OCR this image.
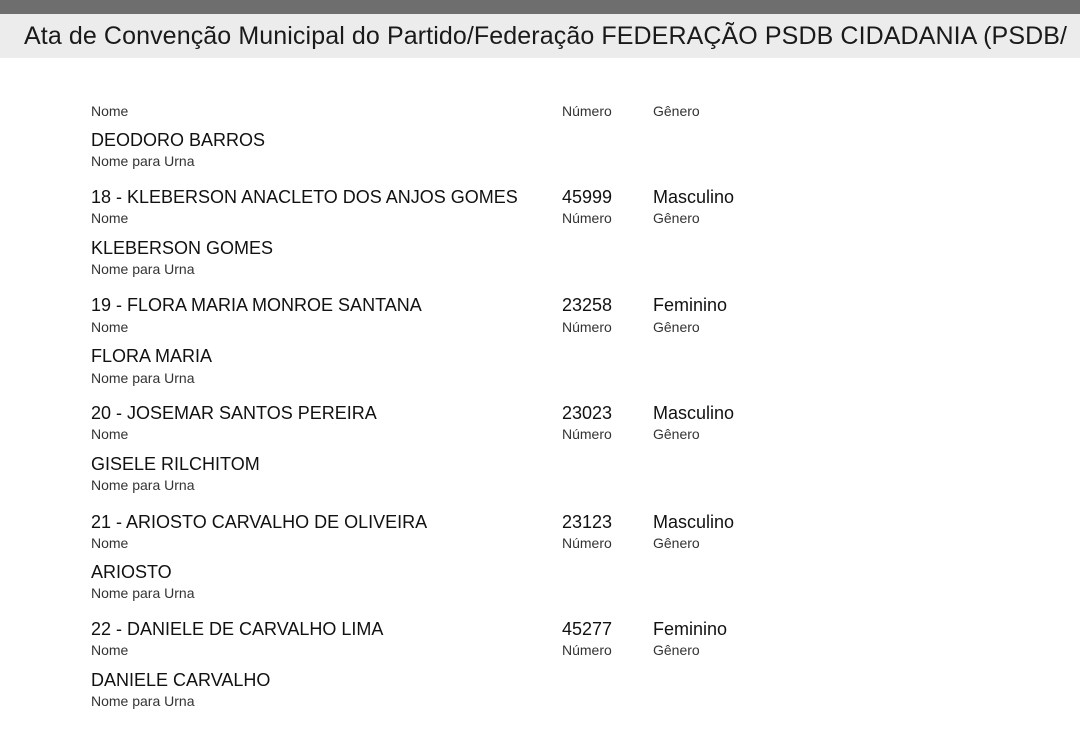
Ata de Convenção Municipal do Partido/Federação FEDERAÇÃO PSDB CIDADANIA (PSDB/
Nome	Número	Gênero
DEODORO BARROS
Nome para Urna
18 - KLEBERSON ANACLETO DOS ANJOS GOMES 45999 Masculino
Nome	Número	Gênero
KLEBERSON GOMES
Nome para Urna
19 - FLORA MARIA MONROE SANTANA	23258 Feminino
Nome	Número	Gênero
FLORA MARIA
Nome para Urna
20 - JOSEMAR SANTOS PEREIRA	23023 Masculino
Nome	Número	Gênero
GISELE RILCHITOM
Nome para Urna
21 - ARIOSTO CARVALHO DE OLIVEIRA	23123 Masculino
Nome	Número	Gênero
ARIOSTO
Nome para Urna
22 - DANIELE DE CARVALHO LIMA	45277 Feminino
Nome	Número	Gênero
DANIELE CARVALHO
Nome para Urna
